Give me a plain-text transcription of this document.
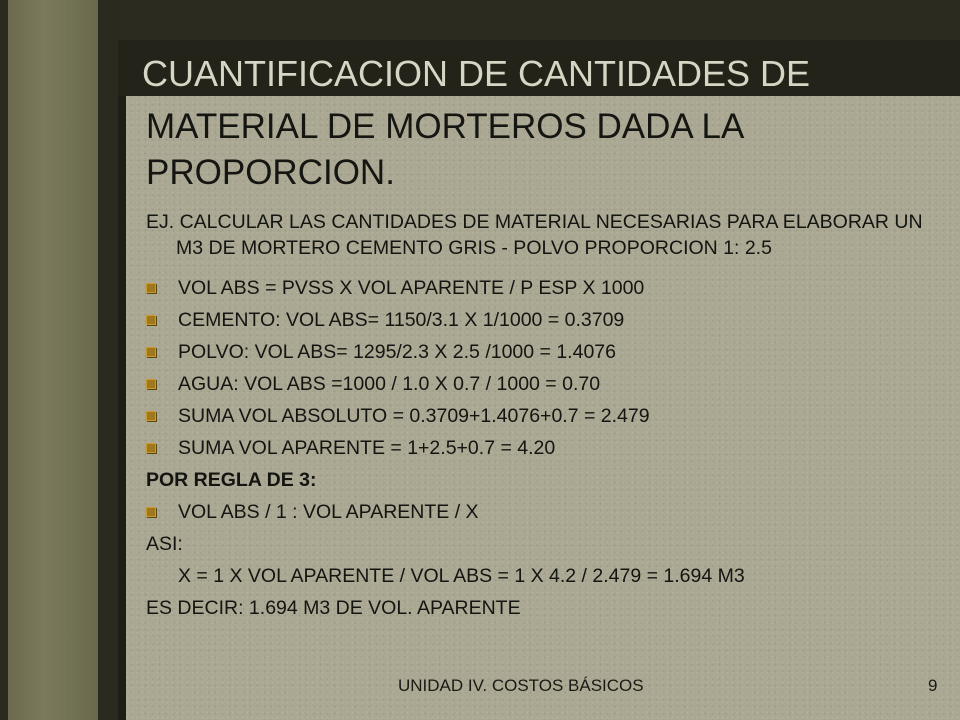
CUANTIFICACION DE CANTIDADES DE
MATERIAL DE MORTEROS DADA LA PROPORCION.
EJ. CALCULAR LAS CANTIDADES DE MATERIAL NECESARIAS PARA ELABORAR UN M3 DE MORTERO CEMENTO GRIS - POLVO PROPORCION 1: 2.5
VOL ABS = PVSS X VOL APARENTE / P ESP X 1000
CEMENTO: VOL ABS= 1150/3.1 X 1/1000 = 0.3709
POLVO: VOL ABS= 1295/2.3 X 2.5 /1000 = 1.4076
AGUA: VOL ABS =1000 / 1.0 X 0.7 / 1000 = 0.70
SUMA VOL ABSOLUTO = 0.3709+1.4076+0.7 = 2.479
SUMA VOL APARENTE = 1+2.5+0.7 = 4.20
POR REGLA DE 3:
VOL ABS / 1 : VOL APARENTE / X
ASI:
X = 1 X VOL APARENTE / VOL ABS = 1 X 4.2 / 2.479 = 1.694 M3
ES DECIR: 1.694 M3 DE VOL. APARENTE
UNIDAD IV. COSTOS BÁSICOS	9
